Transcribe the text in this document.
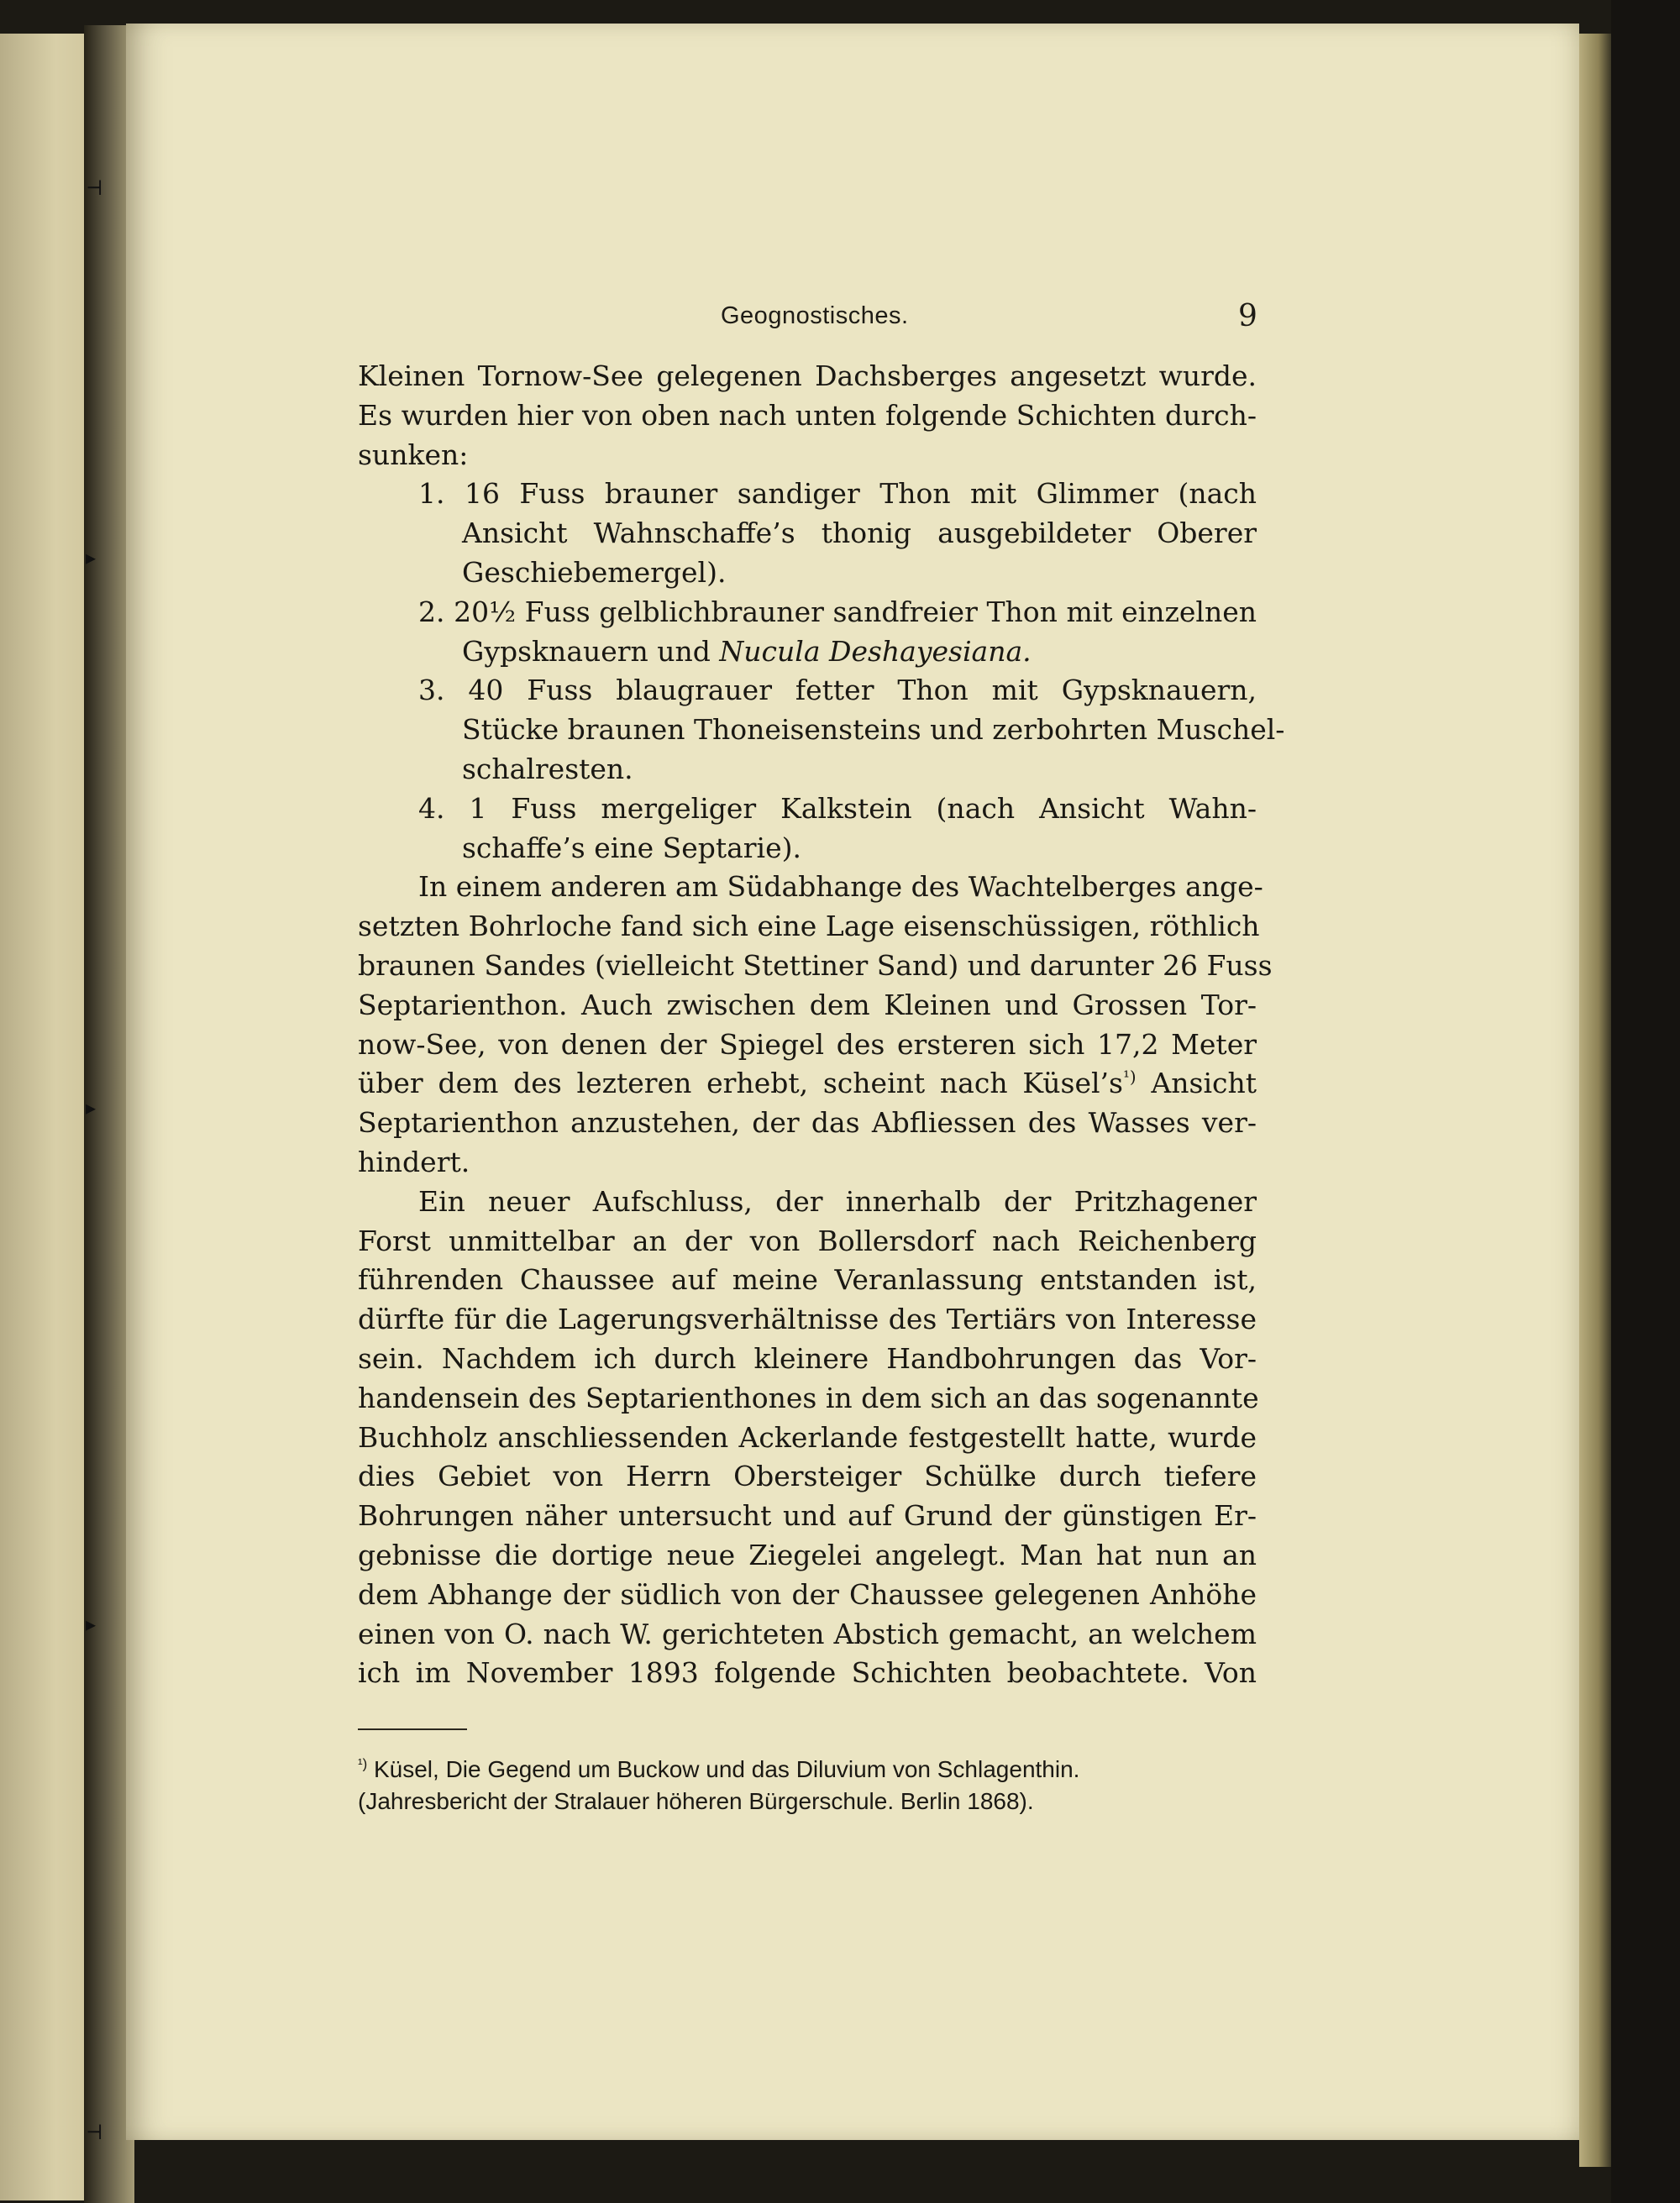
⊣
▸
▸
▸
⊣
Geognostisches.	9
Kleinen Tornow-See gelegenen Dachsberges angesetzt wurde.
Es wurden hier von oben nach unten folgende Schichten durch-
sunken:
1. 16 Fuss brauner sandiger Thon mit Glimmer (nach
Ansicht Wahnschaffe’s thonig ausgebildeter Oberer
Geschiebemergel).
2. 20½ Fuss gelblichbrauner sandfreier Thon mit einzelnen
Gypsknauern und Nucula Deshayesiana.
3. 40 Fuss blaugrauer fetter Thon mit Gypsknauern,
Stücke braunen Thoneisensteins und zerbohrten Muschel-
schalresten.
4. 1 Fuss mergeliger Kalkstein (nach Ansicht Wahn-
schaffe’s eine Septarie).
In einem anderen am Südabhange des Wachtelberges ange-
setzten Bohrloche fand sich eine Lage eisenschüssigen, röthlich
braunen Sandes (vielleicht Stettiner Sand) und darunter 26 Fuss
Septarienthon. Auch zwischen dem Kleinen und Grossen Tor-
now-See, von denen der Spiegel des ersteren sich 17,2 Meter
über dem des lezteren erhebt, scheint nach $Küsel’s^{^1)}$ Ansicht
Septarienthon anzustehen, der das Abfliessen des Wasses ver-
hindert.
Ein neuer Aufschluss, der innerhalb der Pritzhagener
Forst unmittelbar an der von Bollersdorf nach Reichenberg
führenden Chaussee auf meine Veranlassung entstanden ist,
dürfte für die Lagerungsverhältnisse des Tertiärs von Interesse
sein. Nachdem ich durch kleinere Handbohrungen das Vor-
handensein des Septarienthones in dem sich an das sogenannte
Buchholz anschliessenden Ackerlande festgestellt hatte, wurde
dies Gebiet von Herrn Obersteiger Schülke durch tiefere
Bohrungen näher untersucht und auf Grund der günstigen Er-
gebnisse die dortige neue Ziegelei angelegt. Man hat nun an
dem Abhange der südlich von der Chaussee gelegenen Anhöhe
einen von O. nach W. gerichteten Abstich gemacht, an welchem
ich im November 1893 folgende Schichten beobachtete. Von
$^{^1)}$ Küsel, Die Gegend um Buckow und das Diluvium von Schlagenthin.
(Jahresbericht der Stralauer höheren Bürgerschule. Berlin 1868).
